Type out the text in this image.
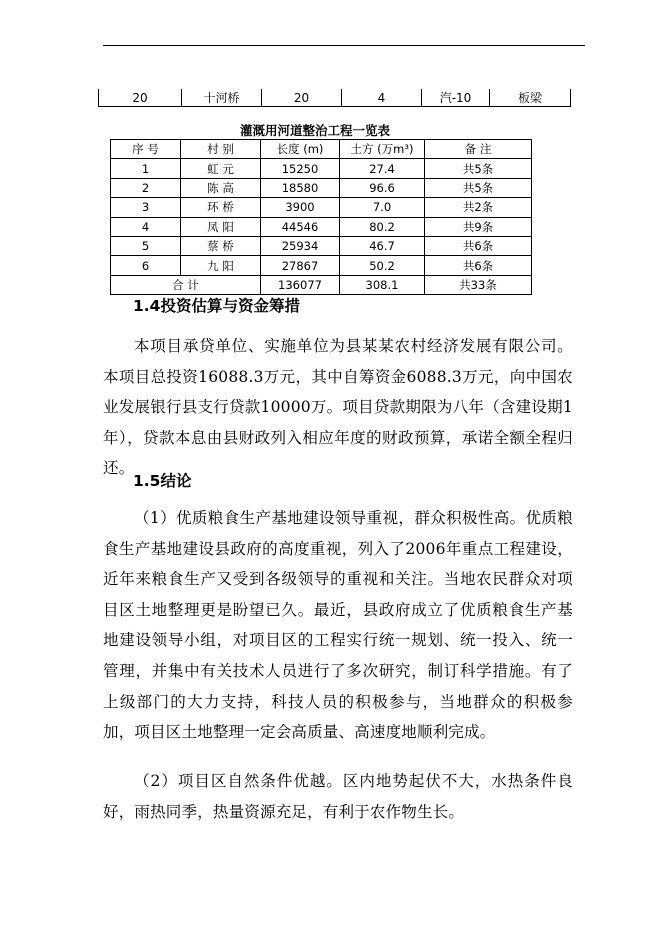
20	十河桥	20	4	汽-10	板梁
灌溉用河道整治工程一览表
序 号	村 别	长度 (m)	土方 (万m³)	备 注
1	虹 元	15250	27.4	共5条
2	陈 高	18580	96.6	共5条
3	环 桥	3900	7.0	共2条
4	凤 阳	44546	80.2	共9条
5	蔡 桥	25934	46.7	共6条
6	九 阳	27867	50.2	共6条
合 计		136077	308.1	共33条
1.4投资估算与资金筹措

本项目承贷单位、实施单位为县某某农村经济发展有限公司。本项目总投资16088.3万元，其中自筹资金6088.3万元，向中国农业发展银行县支行贷款10000万。项目贷款期限为八年（含建设期1年），贷款本息由县财政列入相应年度的财政预算，承诺全额全程归还。

1.5结论

（1）优质粮食生产基地建设领导重视，群众积极性高。优质粮食生产基地建设县政府的高度重视，列入了2006年重点工程建设，近年来粮食生产又受到各级领导的重视和关注。当地农民群众对项目区土地整理更是盼望已久。最近，县政府成立了优质粮食生产基地建设领导小组，对项目区的工程实行统一规划、统一投入、统一管理，并集中有关技术人员进行了多次研究，制订科学措施。有了上级部门的大力支持，科技人员的积极参与，当地群众的积极参加，项目区土地整理一定会高质量、高速度地顺利完成。

（2）项目区自然条件优越。区内地势起伏不大，水热条件良好，雨热同季，热量资源充足，有利于农作物生长。
